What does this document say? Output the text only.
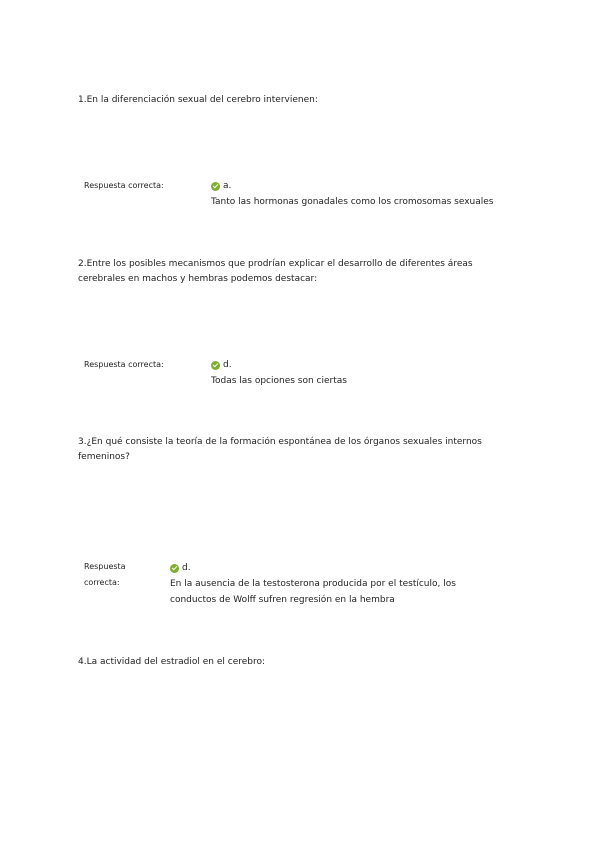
1.En la diferenciación sexual del cerebro intervienen:
Respuesta correcta:	a.
Tanto las hormonas gonadales como los cromosomas sexuales
2.Entre los posibles mecanismos que prodrían explicar el desarrollo de diferentes áreas cerebrales en machos y hembras podemos destacar:
Respuesta correcta:	d.
Todas las opciones son ciertas
3.¿En qué consiste la teoría de la formación espontánea de los órganos sexuales internos femeninos?
Respuesta
correcta:
d.
En la ausencia de la testosterona producida por el testículo, los conductos de Wolff sufren regresión en la hembra
4.La actividad del estradiol en el cerebro:
